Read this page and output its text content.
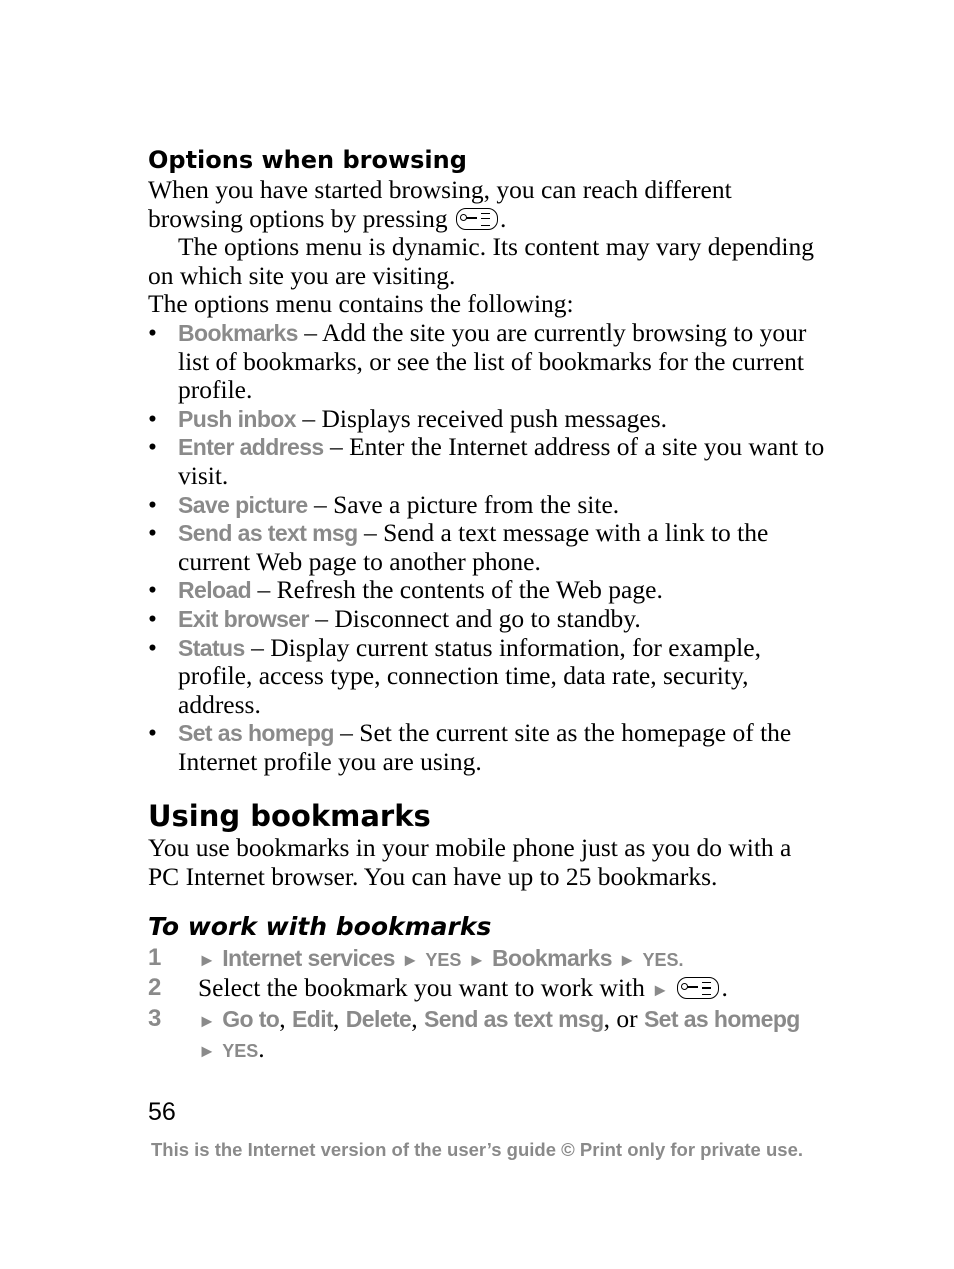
Options when browsing

When you have started browsing, you can reach different
browsing options by pressing .

The options menu is dynamic. Its content may vary depending on which site you are visiting.

The options menu contains the following:

• Bookmarks – Add the site you are currently browsing to your list of bookmarks, or see the list of bookmarks for the current profile.
• Push inbox – Displays received push messages.
• Enter address – Enter the Internet address of a site you want to visit.
• Save picture – Save a picture from the site.
• Send as text msg – Send a text message with a link to the current Web page to another phone.
• Reload – Refresh the contents of the Web page.
• Exit browser – Disconnect and go to standby.
• Status – Display current status information, for example, profile, access type, connection time, data rate, security, address.
• Set as homepg – Set the current site as the homepage of the Internet profile you are using.
Using bookmarks

You use bookmarks in your mobile phone just as you do with a PC Internet browser. You can have up to 25 bookmarks.

To work with bookmarks
1 ► Internet services ► YES ► Bookmarks ► YES.
2 Select the bookmark you want to work with ► .
3 ► Go to, Edit, Delete, Send as text msg, or Set as homepg
► YES.
56
This is the Internet version of the user’s guide © Print only for private use.
